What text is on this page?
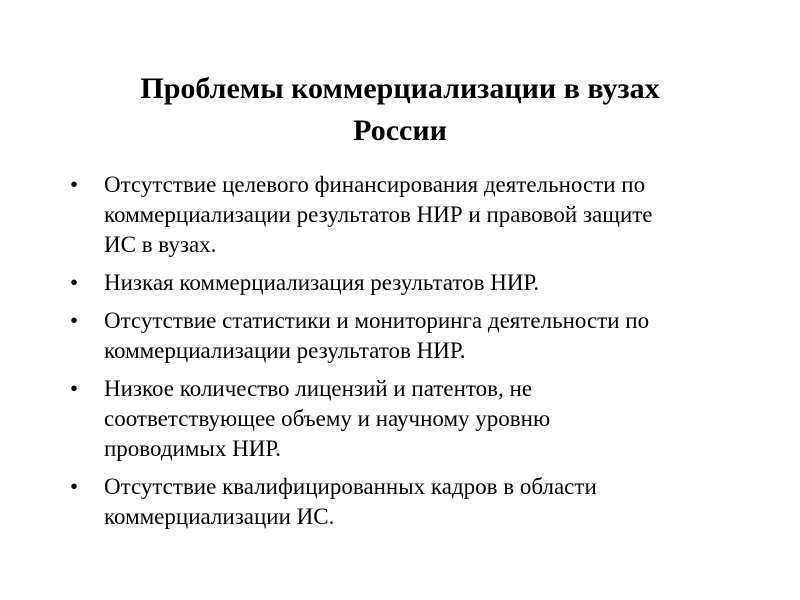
Проблемы коммерциализации в вузах
России
• Отсутствие целевого финансирования деятельности по
коммерциализации результатов НИР и правовой защите
ИС в вузах.
• Низкая коммерциализация результатов НИР.
• Отсутствие статистики и мониторинга деятельности по
коммерциализации результатов НИР.
• Низкое количество лицензий и патентов, не
соответствующее объему и научному уровню
проводимых НИР.
• Отсутствие квалифицированных кадров в области
коммерциализации ИС.
